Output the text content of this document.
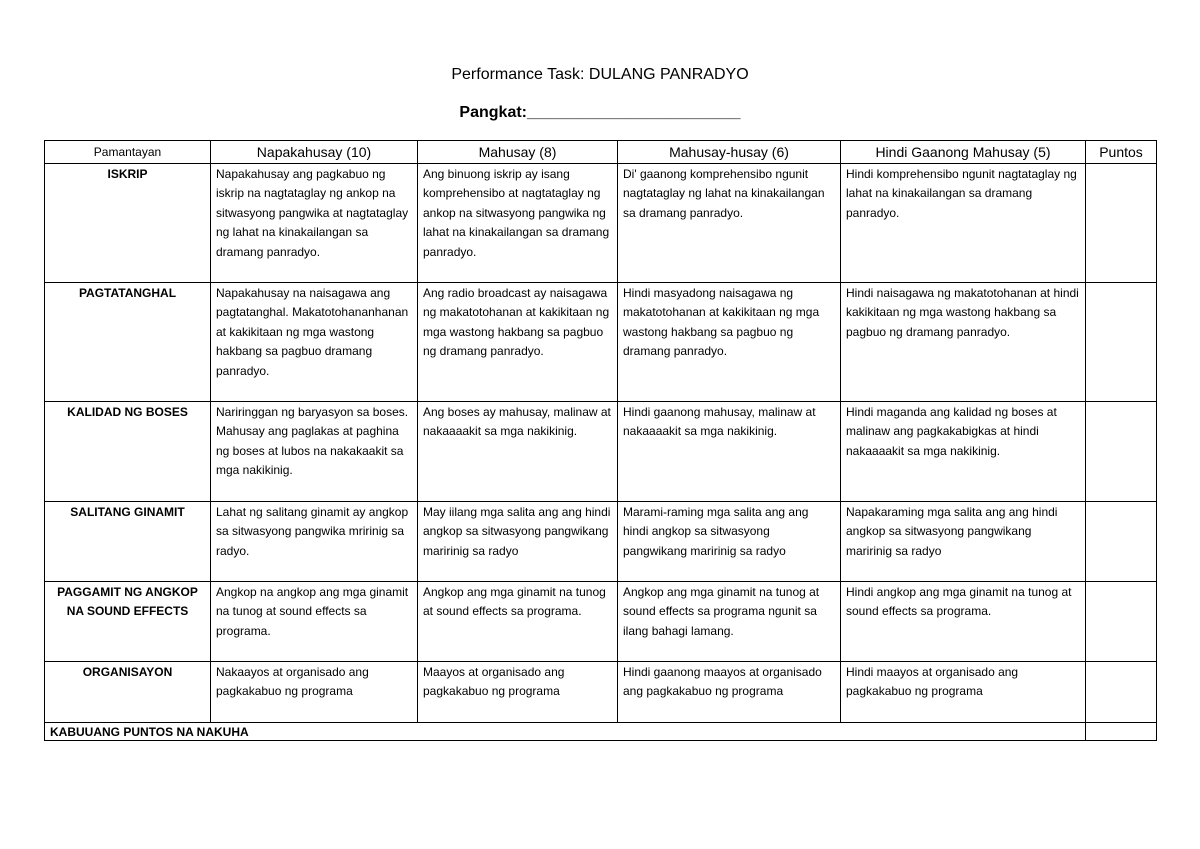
Performance Task: DULANG PANRADYO
Pangkat:________________________
Pamantayan	Napakahusay (10)	Mahusay (8)	Mahusay-husay (6)	Hindi Gaanong Mahusay (5)	Puntos
ISKRIP	Napakahusay ang pagkabuo ng iskrip na nagtataglay ng ankop na sitwasyong pangwika at nagtataglay ng lahat na kinakailangan sa dramang panradyo.	Ang binuong iskrip ay isang komprehensibo at nagtataglay ng ankop na sitwasyong pangwika ng lahat na kinakailangan sa dramang panradyo.	Di' gaanong komprehensibo ngunit nagtataglay ng lahat na kinakailangan sa dramang panradyo.	Hindi komprehensibo ngunit nagtataglay ng lahat na kinakailangan sa dramang panradyo.	
PAGTATANGHAL	Napakahusay na naisagawa ang pagtatanghal. Makatotohananhanan at kakikitaan ng mga wastong hakbang sa pagbuo dramang panradyo.	Ang radio broadcast ay naisagawa ng makatotohanan at kakikitaan ng mga wastong hakbang sa pagbuo ng dramang panradyo.	Hindi masyadong naisagawa ng makatotohanan at kakikitaan ng mga wastong hakbang sa pagbuo ng dramang panradyo.	Hindi naisagawa ng makatotohanan at hindi kakikitaan ng mga wastong hakbang sa pagbuo ng dramang panradyo.	
KALIDAD NG BOSES	Nariringgan ng baryasyon sa boses. Mahusay ang paglakas at paghina ng boses at lubos na nakakaakit sa mga nakikinig.	Ang boses ay mahusay, malinaw at nakaaaakit sa mga nakikinig.	Hindi gaanong mahusay, malinaw at nakaaaakit sa mga nakikinig.	Hindi maganda ang kalidad ng boses at malinaw ang pagkakabigkas at hindi nakaaaakit sa mga nakikinig.	
SALITANG GINAMIT	Lahat ng salitang ginamit ay angkop sa sitwasyong pangwika mririnig sa radyo.	May iilang mga salita ang ang hindi angkop sa sitwasyong pangwikang maririnig sa radyo	Marami-raming mga salita ang ang hindi angkop sa sitwasyong pangwikang maririnig sa radyo	Napakaraming mga salita ang ang hindi angkop sa sitwasyong pangwikang maririnig sa radyo	
PAGGAMIT NG ANGKOP NA SOUND EFFECTS	Angkop na angkop ang mga ginamit na tunog at sound effects sa programa.	Angkop ang mga ginamit na tunog at sound effects sa programa.	Angkop ang mga ginamit na tunog at sound effects sa programa ngunit sa ilang bahagi lamang.	Hindi angkop ang mga ginamit na tunog at sound effects sa programa.	
ORGANISAYON	Nakaayos at organisado ang pagkakabuo ng programa	Maayos at organisado ang pagkakabuo ng programa	Hindi gaanong maayos at organisado ang pagkakabuo ng programa	Hindi maayos at organisado ang pagkakabuo ng programa	
KABUUANG PUNTOS NA NAKUHA					
